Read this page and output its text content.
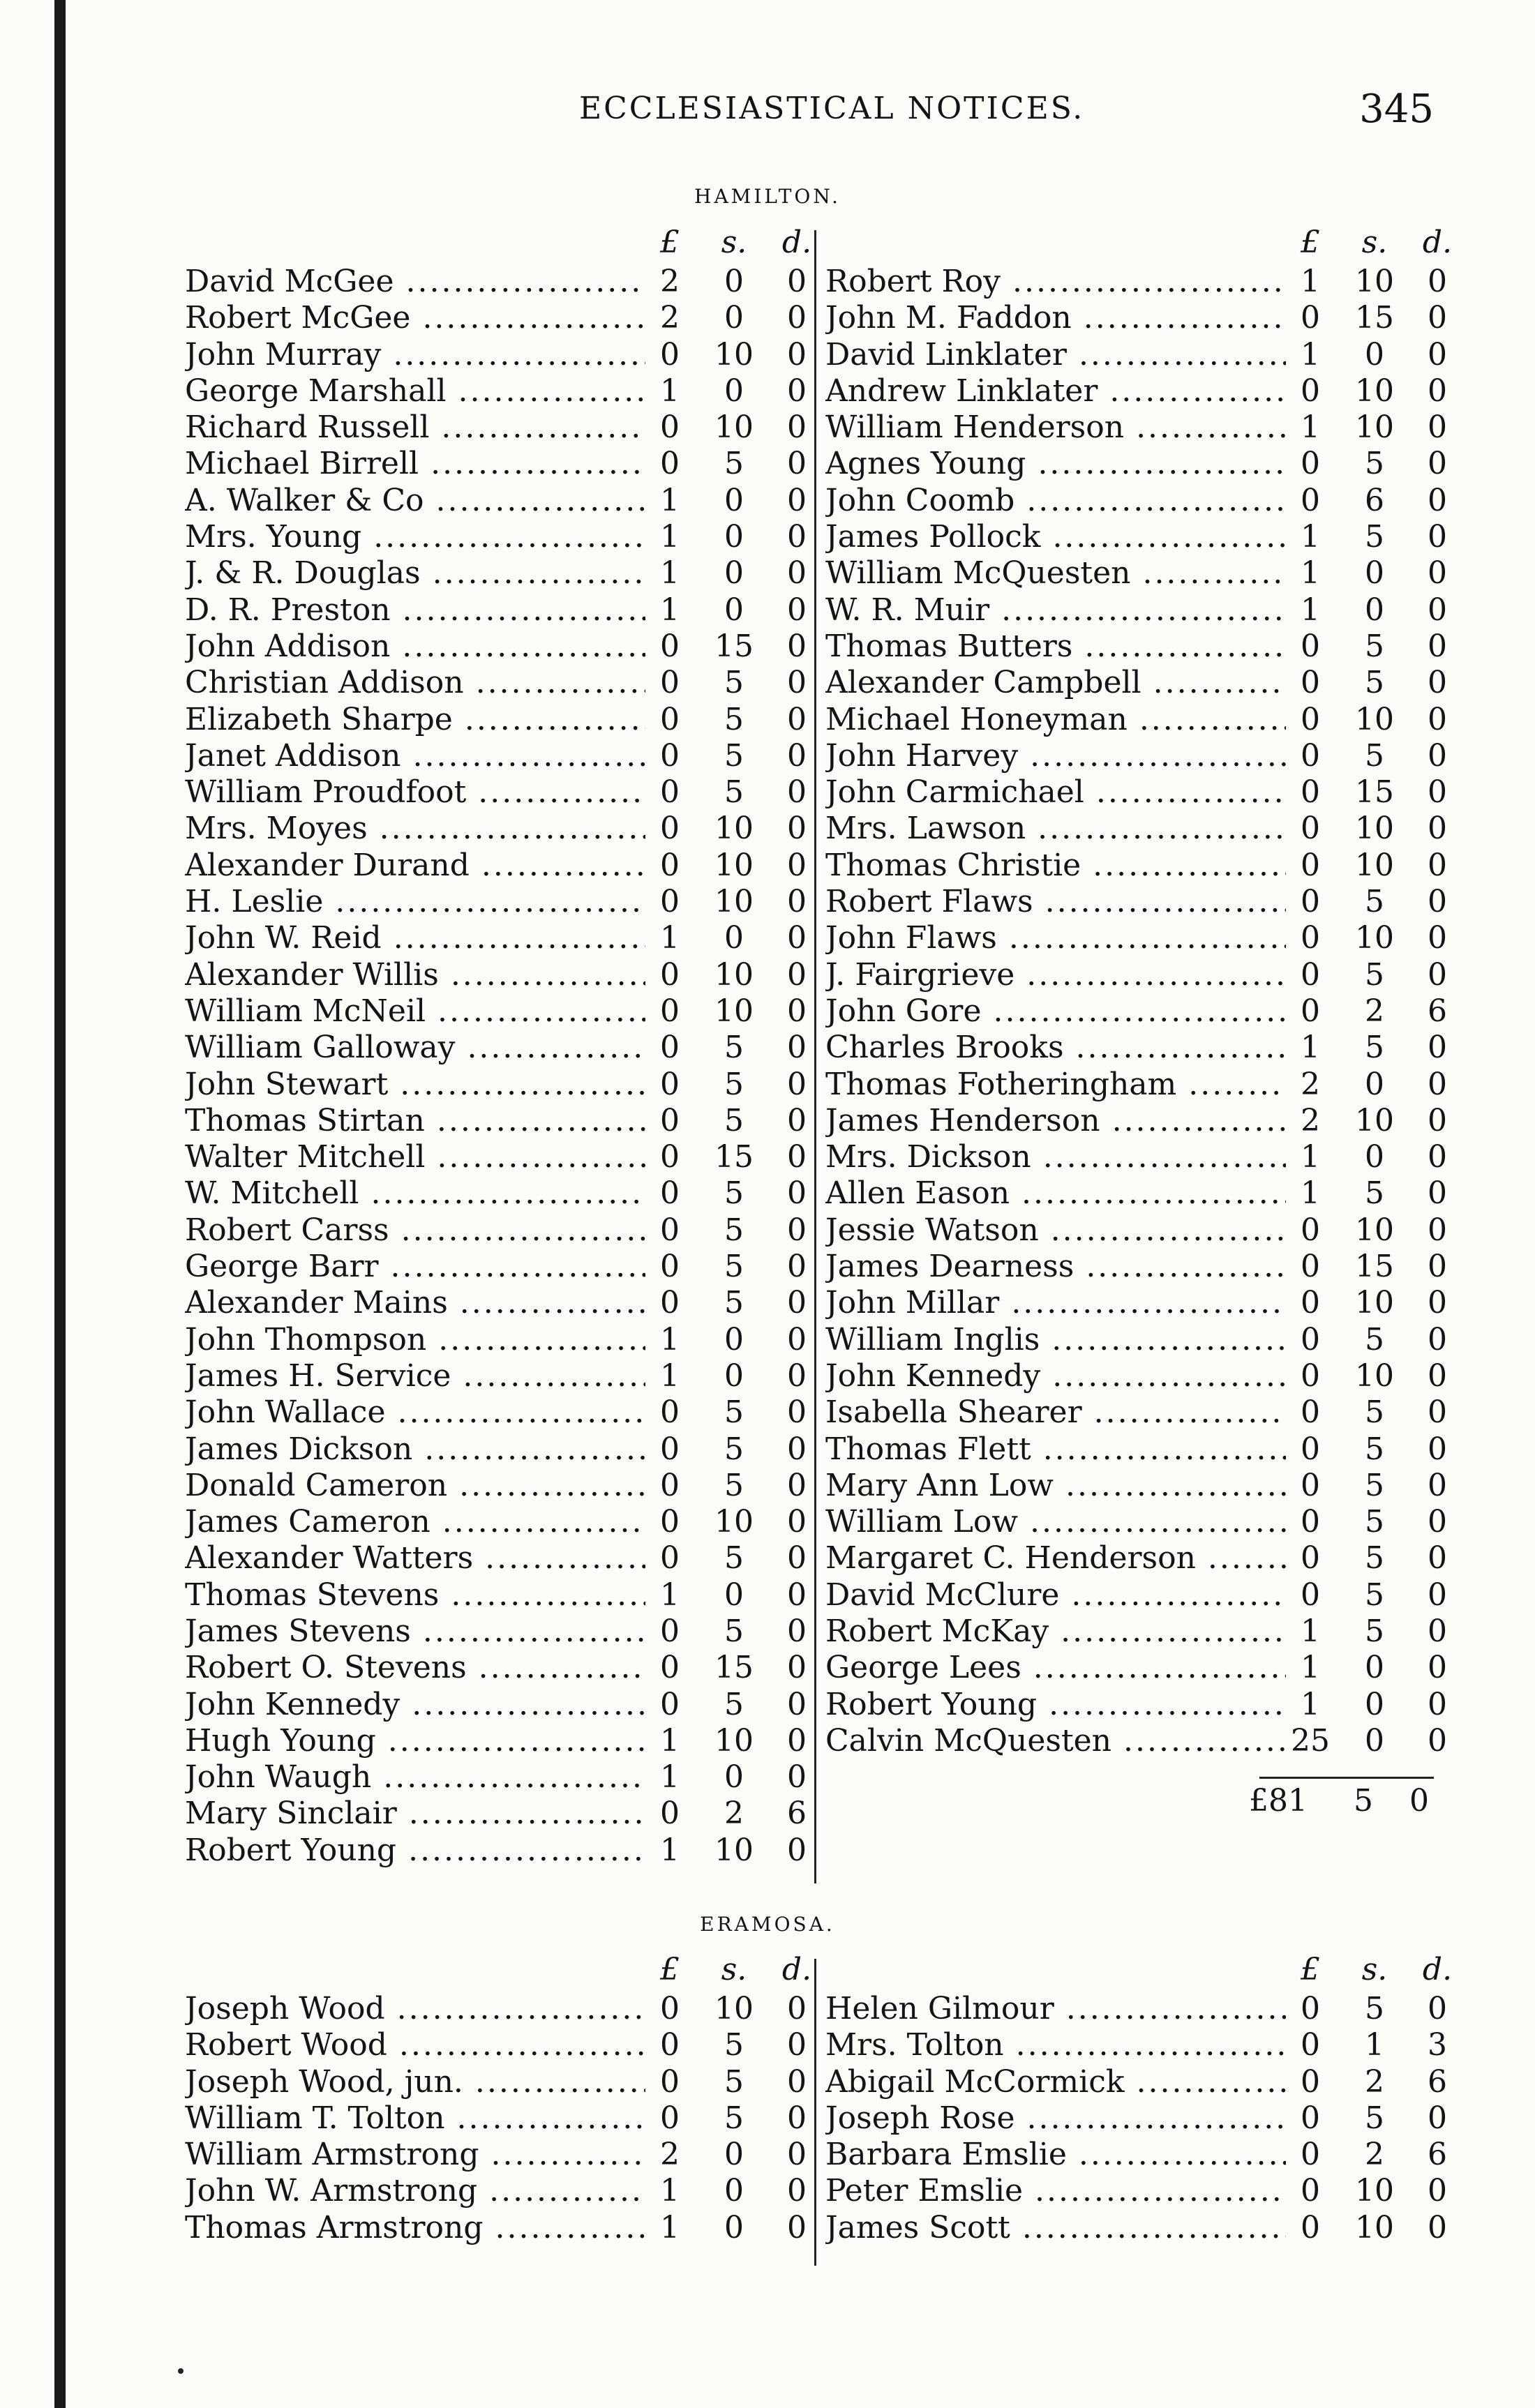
ECCLESIASTICAL NOTICES.	345
HAMILTON.
£	s. d.
David McGee .....	2	0	0
Robert McGee .....	2	0	0
John Murray .....	0	10	0
George Marshall .....	1	0	0
Richard Russell .....	0	10	0
Michael Birrell .....	0	5	0
A. Walker & Co .....	1	0	0
Mrs. Young .....	1	0	0
J. & R. Douglas .....	1	0	0
D. R. Preston .....	1	0	0
John Addison .....	0	15	0
Christian Addison .....	0	5	0
Elizabeth Sharpe .....	0	5	0
Janet Addison .....	0	5	0
William Proudfoot .....	0	5	0
Mrs. Moyes .....	0	10	0
Alexander Durand .....	0	10	0
H. Leslie .....	0	10	0
John W. Reid .....	1	0	0
Alexander Willis .....	0	10	0
William McNeil .....	0	10	0
William Galloway .....	0	5	0
John Stewart .....	0	5	0
Thomas Stirtan .....	0	5	0
Walter Mitchell .....	0	15	0
W. Mitchell .....	0	5	0
Robert Carss .....	0	5	0
George Barr .....	0	5	0
Alexander Mains .....	0	5	0
John Thompson .....	1	0	0
James H. Service .....	1	0	0
John Wallace .....	0	5	0
James Dickson .....	0	5	0
Donald Cameron .....	0	5	0
James Cameron .....	0	10	0
Alexander Watters .....	0	5	0
Thomas Stevens .....	1	0	0
James Stevens .....	0	5	0
Robert O. Stevens .....	0	15	0
John Kennedy .....	0	5	0
Hugh Young .....	1	10	0
John Waugh .....	1	0	0
Mary Sinclair .....	0	2	6
Robert Young .....	1	10	0
£	s. d.
Robert Roy .....	1	10	0
John M. Faddon .....	0	15	0
David Linklater .....	1	0	0
Andrew Linklater .....	0	10	0
William Henderson .....	1	10	0
Agnes Young .....	0	5	0
John Coomb .....	0	6	0
James Pollock .....	1	5	0
William McQuesten .....	1	0	0
W. R. Muir .....	1	0	0
Thomas Butters .....	0	5	0
Alexander Campbell .....	0	5	0
Michael Honeyman .....	0	10	0
John Harvey .....	0	5	0
John Carmichael .....	0	15	0
Mrs. Lawson .....	0	10	0
Thomas Christie .....	0	10	0
Robert Flaws .....	0	5	0
John Flaws .....	0	10	0
J. Fairgrieve .....	0	5	0
John Gore .....	0	2	6
Charles Brooks .....	1	5	0
Thomas Fotheringham .....	2	0	0
James Henderson .....	2	10	0
Mrs. Dickson .....	1	0	0
Allen Eason .....	1	5	0
Jessie Watson .....	0	10	0
James Dearness .....	0	15	0
John Millar .....	0	10	0
William Inglis .....	0	5	0
John Kennedy .....	0	10	0
Isabella Shearer .....	0	5	0
Thomas Flett .....	0	5	0
Mary Ann Low .....	0	5	0
William Low .....	0	5	0
Margaret C. Henderson .....	0	5	0
David McClure .....	0	5	0
Robert McKay .....	1	5	0
George Lees .....	1	0	0
Robert Young .....	1	0	0
Calvin McQuesten .....	25	0	0
£81 5 0
ERAMOSA.
£	s. d.
Joseph Wood .....	0	10	0
Robert Wood .....	0	5	0
Joseph Wood, jun. .....	0	5	0
William T. Tolton .....	0	5	0
William Armstrong .....	2	0	0
John W. Armstrong .....	1	0	0
Thomas Armstrong .....	1	0	0
£	s. d.
Helen Gilmour .....	0	5	0
Mrs. Tolton .....	0	1	3
Abigail McCormick .....	0	2	6
Joseph Rose .....	0	5	0
Barbara Emslie .....	0	2	6
Peter Emslie .....	0	10	0
James Scott .....	0	10	0
